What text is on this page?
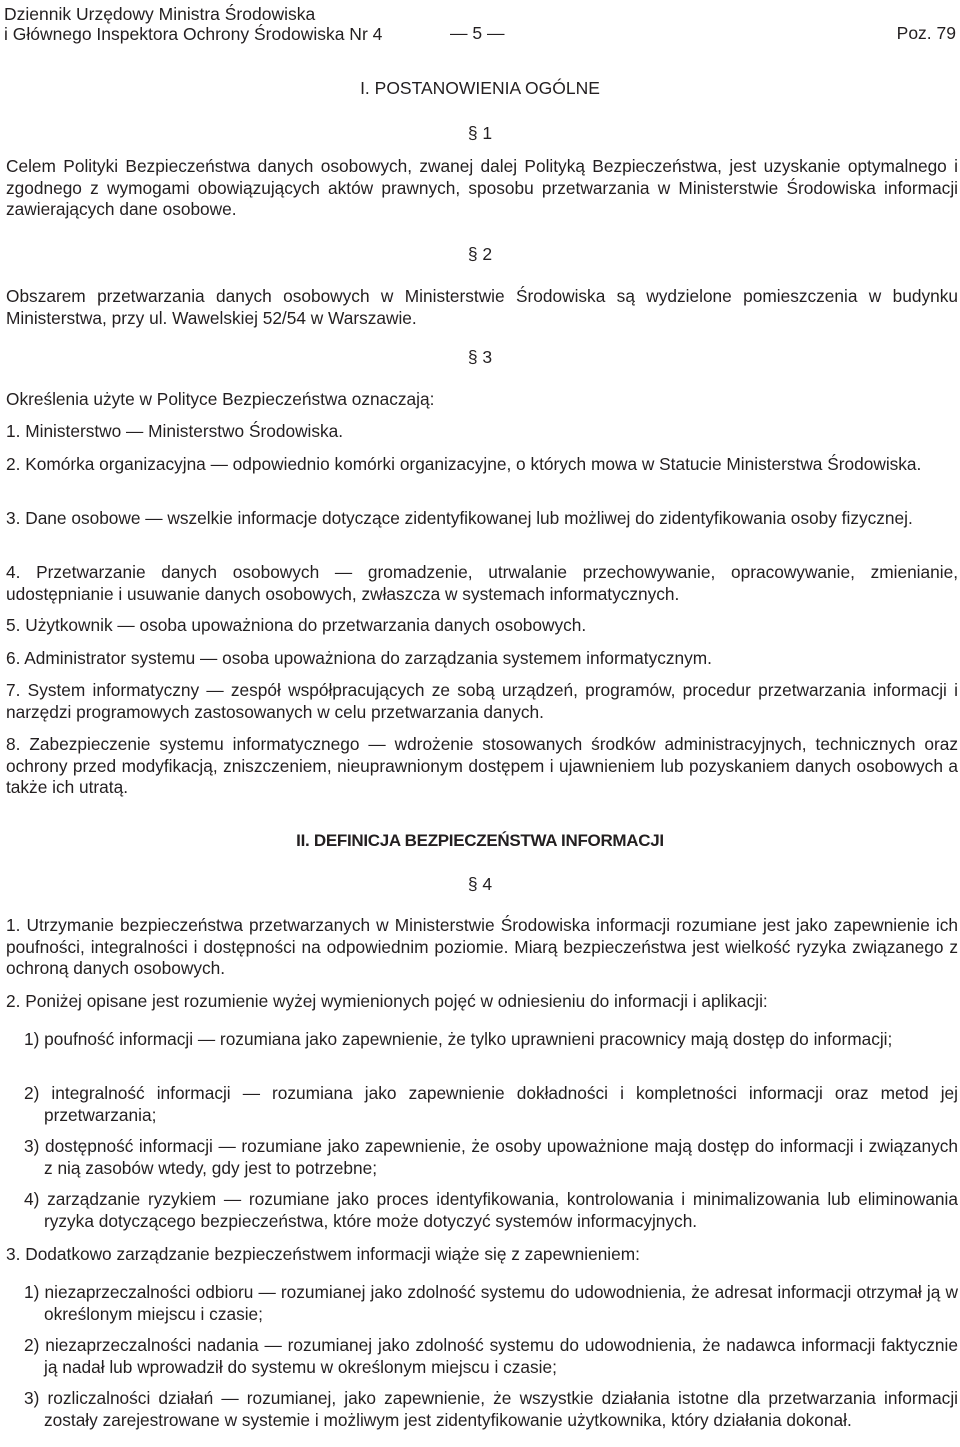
Dziennik Urzędowy Ministra Środowiska
i Głównego Inspektora Ochrony Środowiska Nr 4	— 5 —	Poz. 79
I. POSTANOWIENIA OGÓLNE
§ 1
Celem Polityki Bezpieczeństwa danych osobowych, zwanej dalej Polityką Bezpieczeństwa, jest uzyskanie optymalnego i zgodnego z wymogami obowiązujących aktów prawnych, sposobu przetwarzania w Ministerstwie Środowiska informacji zawierających dane osobowe.
§ 2
Obszarem przetwarzania danych osobowych w Ministerstwie Środowiska są wydzielone pomieszczenia w budynku Ministerstwa, przy ul. Wawelskiej 52/54 w Warszawie.
§ 3
Określenia użyte w Polityce Bezpieczeństwa oznaczają:
1. Ministerstwo — Ministerstwo Środowiska.
2. Komórka organizacyjna — odpowiednio komórki organizacyjne, o których mowa w Statucie Ministerstwa Środowiska.
3. Dane osobowe — wszelkie informacje dotyczące zidentyfikowanej lub możliwej do zidentyfikowania osoby fizycznej.
4. Przetwarzanie danych osobowych — gromadzenie, utrwalanie przechowywanie, opracowywanie, zmienianie, udostępnianie i usuwanie danych osobowych, zwłaszcza w systemach informatycznych.
5. Użytkownik — osoba upoważniona do przetwarzania danych osobowych.
6. Administrator systemu — osoba upoważniona do zarządzania systemem informatycznym.
7. System informatyczny — zespół współpracujących ze sobą urządzeń, programów, procedur przetwarzania informacji i narzędzi programowych zastosowanych w celu przetwarzania danych.
8. Zabezpieczenie systemu informatycznego — wdrożenie stosowanych środków administracyjnych, technicznych oraz ochrony przed modyfikacją, zniszczeniem, nieuprawnionym dostępem i ujawnieniem lub pozyskaniem danych osobowych a także ich utratą.
II. DEFINICJA BEZPIECZEŃSTWA INFORMACJI
§ 4
1. Utrzymanie bezpieczeństwa przetwarzanych w Ministerstwie Środowiska informacji rozumiane jest jako zapewnienie ich poufności, integralności i dostępności na odpowiednim poziomie. Miarą bezpieczeństwa jest wielkość ryzyka związanego z ochroną danych osobowych.
2. Poniżej opisane jest rozumienie wyżej wymienionych pojęć w odniesieniu do informacji i aplikacji:
1) poufność informacji — rozumiana jako zapewnienie, że tylko uprawnieni pracownicy mają dostęp do informacji;
2) integralność informacji — rozumiana jako zapewnienie dokładności i kompletności informacji oraz metod jej przetwarzania;
3) dostępność informacji — rozumiane jako zapewnienie, że osoby upoważnione mają dostęp do informacji i związanych z nią zasobów wtedy, gdy jest to potrzebne;
4) zarządzanie ryzykiem — rozumiane jako proces identyfikowania, kontrolowania i minimalizowania lub eliminowania ryzyka dotyczącego bezpieczeństwa, które może dotyczyć systemów informacyjnych.
3. Dodatkowo zarządzanie bezpieczeństwem informacji wiąże się z zapewnieniem:
1) niezaprzeczalności odbioru — rozumianej jako zdolność systemu do udowodnienia, że adresat informacji otrzymał ją w określonym miejscu i czasie;
2) niezaprzeczalności nadania — rozumianej jako zdolność systemu do udowodnienia, że nadawca informacji faktycznie ją nadał lub wprowadził do systemu w określonym miejscu i czasie;
3) rozliczalności działań — rozumianej, jako zapewnienie, że wszystkie działania istotne dla przetwarzania informacji zostały zarejestrowane w systemie i możliwym jest zidentyfikowanie użytkownika, który działania dokonał.
